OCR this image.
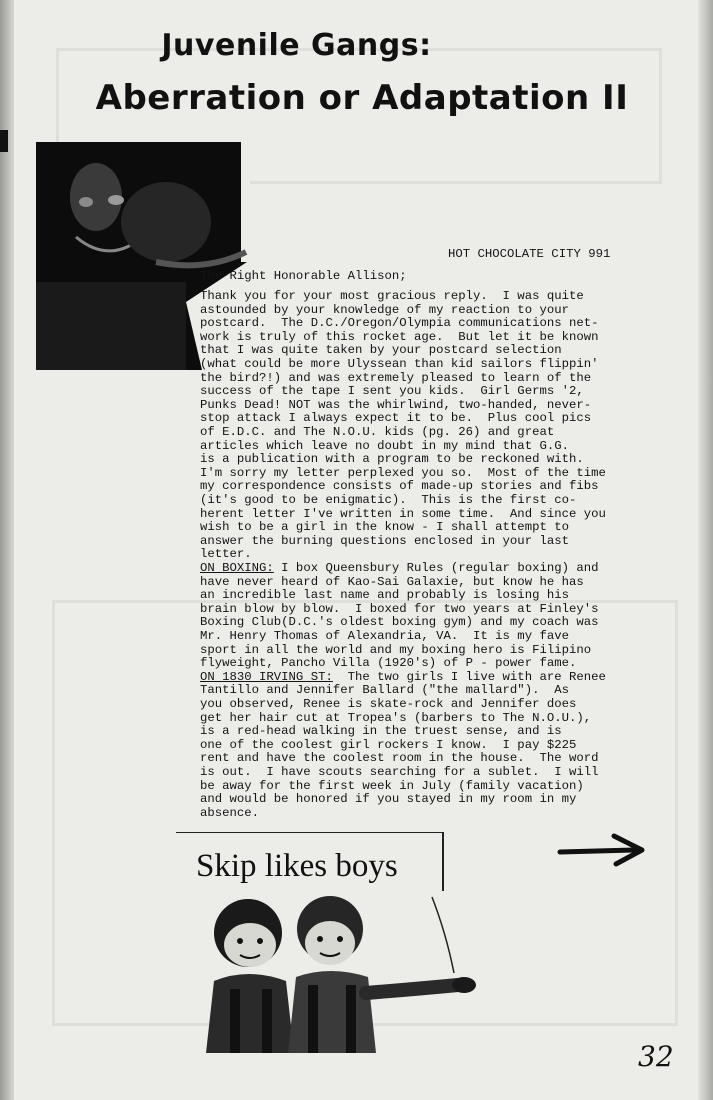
Juvenile Gangs:
Aberration or Adaptation II
HOT CHOCOLATE CITY 991
The Right Honorable Allison;
Thank you for your most gracious reply.  I was quite
astounded by your knowledge of my reaction to your
postcard.  The D.C./Oregon/Olympia communications net-
work is truly of this rocket age.  But let it be known
that I was quite taken by your postcard selection
(what could be more Ulyssean than kid sailors flippin'
the bird?!) and was extremely pleased to learn of the
success of the tape I sent you kids.  Girl Germs '2,
Punks Dead! NOT was the whirlwind, two-handed, never-
stop attack I always expect it to be.  Plus cool pics
of E.D.C. and The N.O.U. kids (pg. 26) and great
articles which leave no doubt in my mind that G.G.
is a publication with a program to be reckoned with.
I'm sorry my letter perplexed you so.  Most of the time
my correspondence consists of made-up stories and fibs
(it's good to be enigmatic).  This is the first co-
herent letter I've written in some time.  And since you
wish to be a girl in the know - I shall attempt to
answer the burning questions enclosed in your last
letter.
ON BOXING: I box Queensbury Rules (regular boxing) and
have never heard of Kao-Sai Galaxie, but know he has
an incredible last name and probably is losing his
brain blow by blow.  I boxed for two years at Finley's
Boxing Club(D.C.'s oldest boxing gym) and my coach was
Mr. Henry Thomas of Alexandria, VA.  It is my fave
sport in all the world and my boxing hero is Filipino
flyweight, Pancho Villa (1920's) of P - power fame.
ON 1830 IRVING ST:  The two girls I live with are Renee
Tantillo and Jennifer Ballard ("the mallard").  As
you observed, Renee is skate-rock and Jennifer does
get her hair cut at Tropea's (barbers to The N.O.U.),
is a red-head walking in the truest sense, and is
one of the coolest girl rockers I know.  I pay $225
rent and have the coolest room in the house.  The word
is out.  I have scouts searching for a sublet.  I will
be away for the first week in July (family vacation)
and would be honored if you stayed in my room in my
absence.
Skip likes boys
32
